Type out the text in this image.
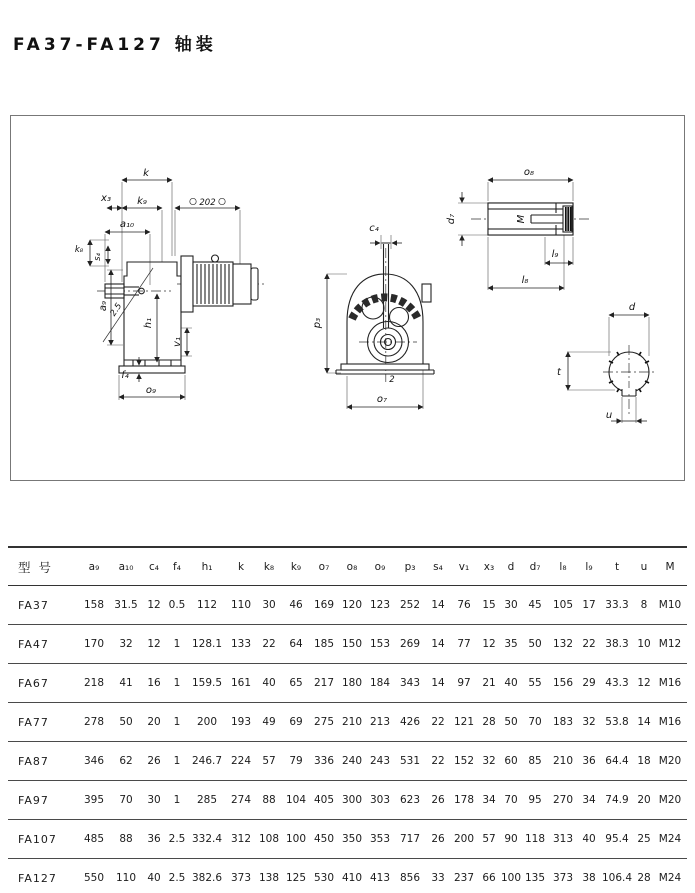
FA37-FA127 轴装
k
x₃	k₉	202
a₁₀
k₈
s₄
a₉ 2.5
h₁
v₁
f₄
o₉
c₄
p₃
o₇
2
o₈
d₇	M
l₉
l₈
d
t
u
型号	a₉	a₁₀	c₄	f₄	h₁	k	k₈	k₉	o₇	o₈	o₉	p₃	s₄	v₁	x₃	d	d₇	l₈	l₉	t	u	M
FA37	158 31.5 12 0.5	112	110	30	46	169 120 123 252	14	76	15 30	45	105 17 33.3	8	M10
FA47	170	32	12	1	128.1 133	22	64	185 150 153 269	14	77	12 35	50	132 22 38.3 10 M12
FA67	218	41	16	1	159.5 161	40	65	217 180 184 343	14	97	21 40	55	156 29 43.3 12 M16
FA77	278	50	20	1	200	193	49	69	275 210 213 426	22 121 28 50	70	183 32 53.8 14 M16
FA87	346	62	26	1	246.7 224	57	79	336 240 243 531	22 152 32 60	85	210 36 64.4 18 M20
FA97	395	70	30	1	285	274	88 104 405 300 303 623	26 178 34 70	95	270 34 74.9 20 M20
FA107	485	88	36 2.5 332.4 312 108 100 450 350 353 717	26 200 57 90 118 313 40 95.4 25 M24
FA127	550	110	40 2.5 382.6 373 138 125 530 410 413 856	33 237 66 100 135 373 38 106.4 28 M24
